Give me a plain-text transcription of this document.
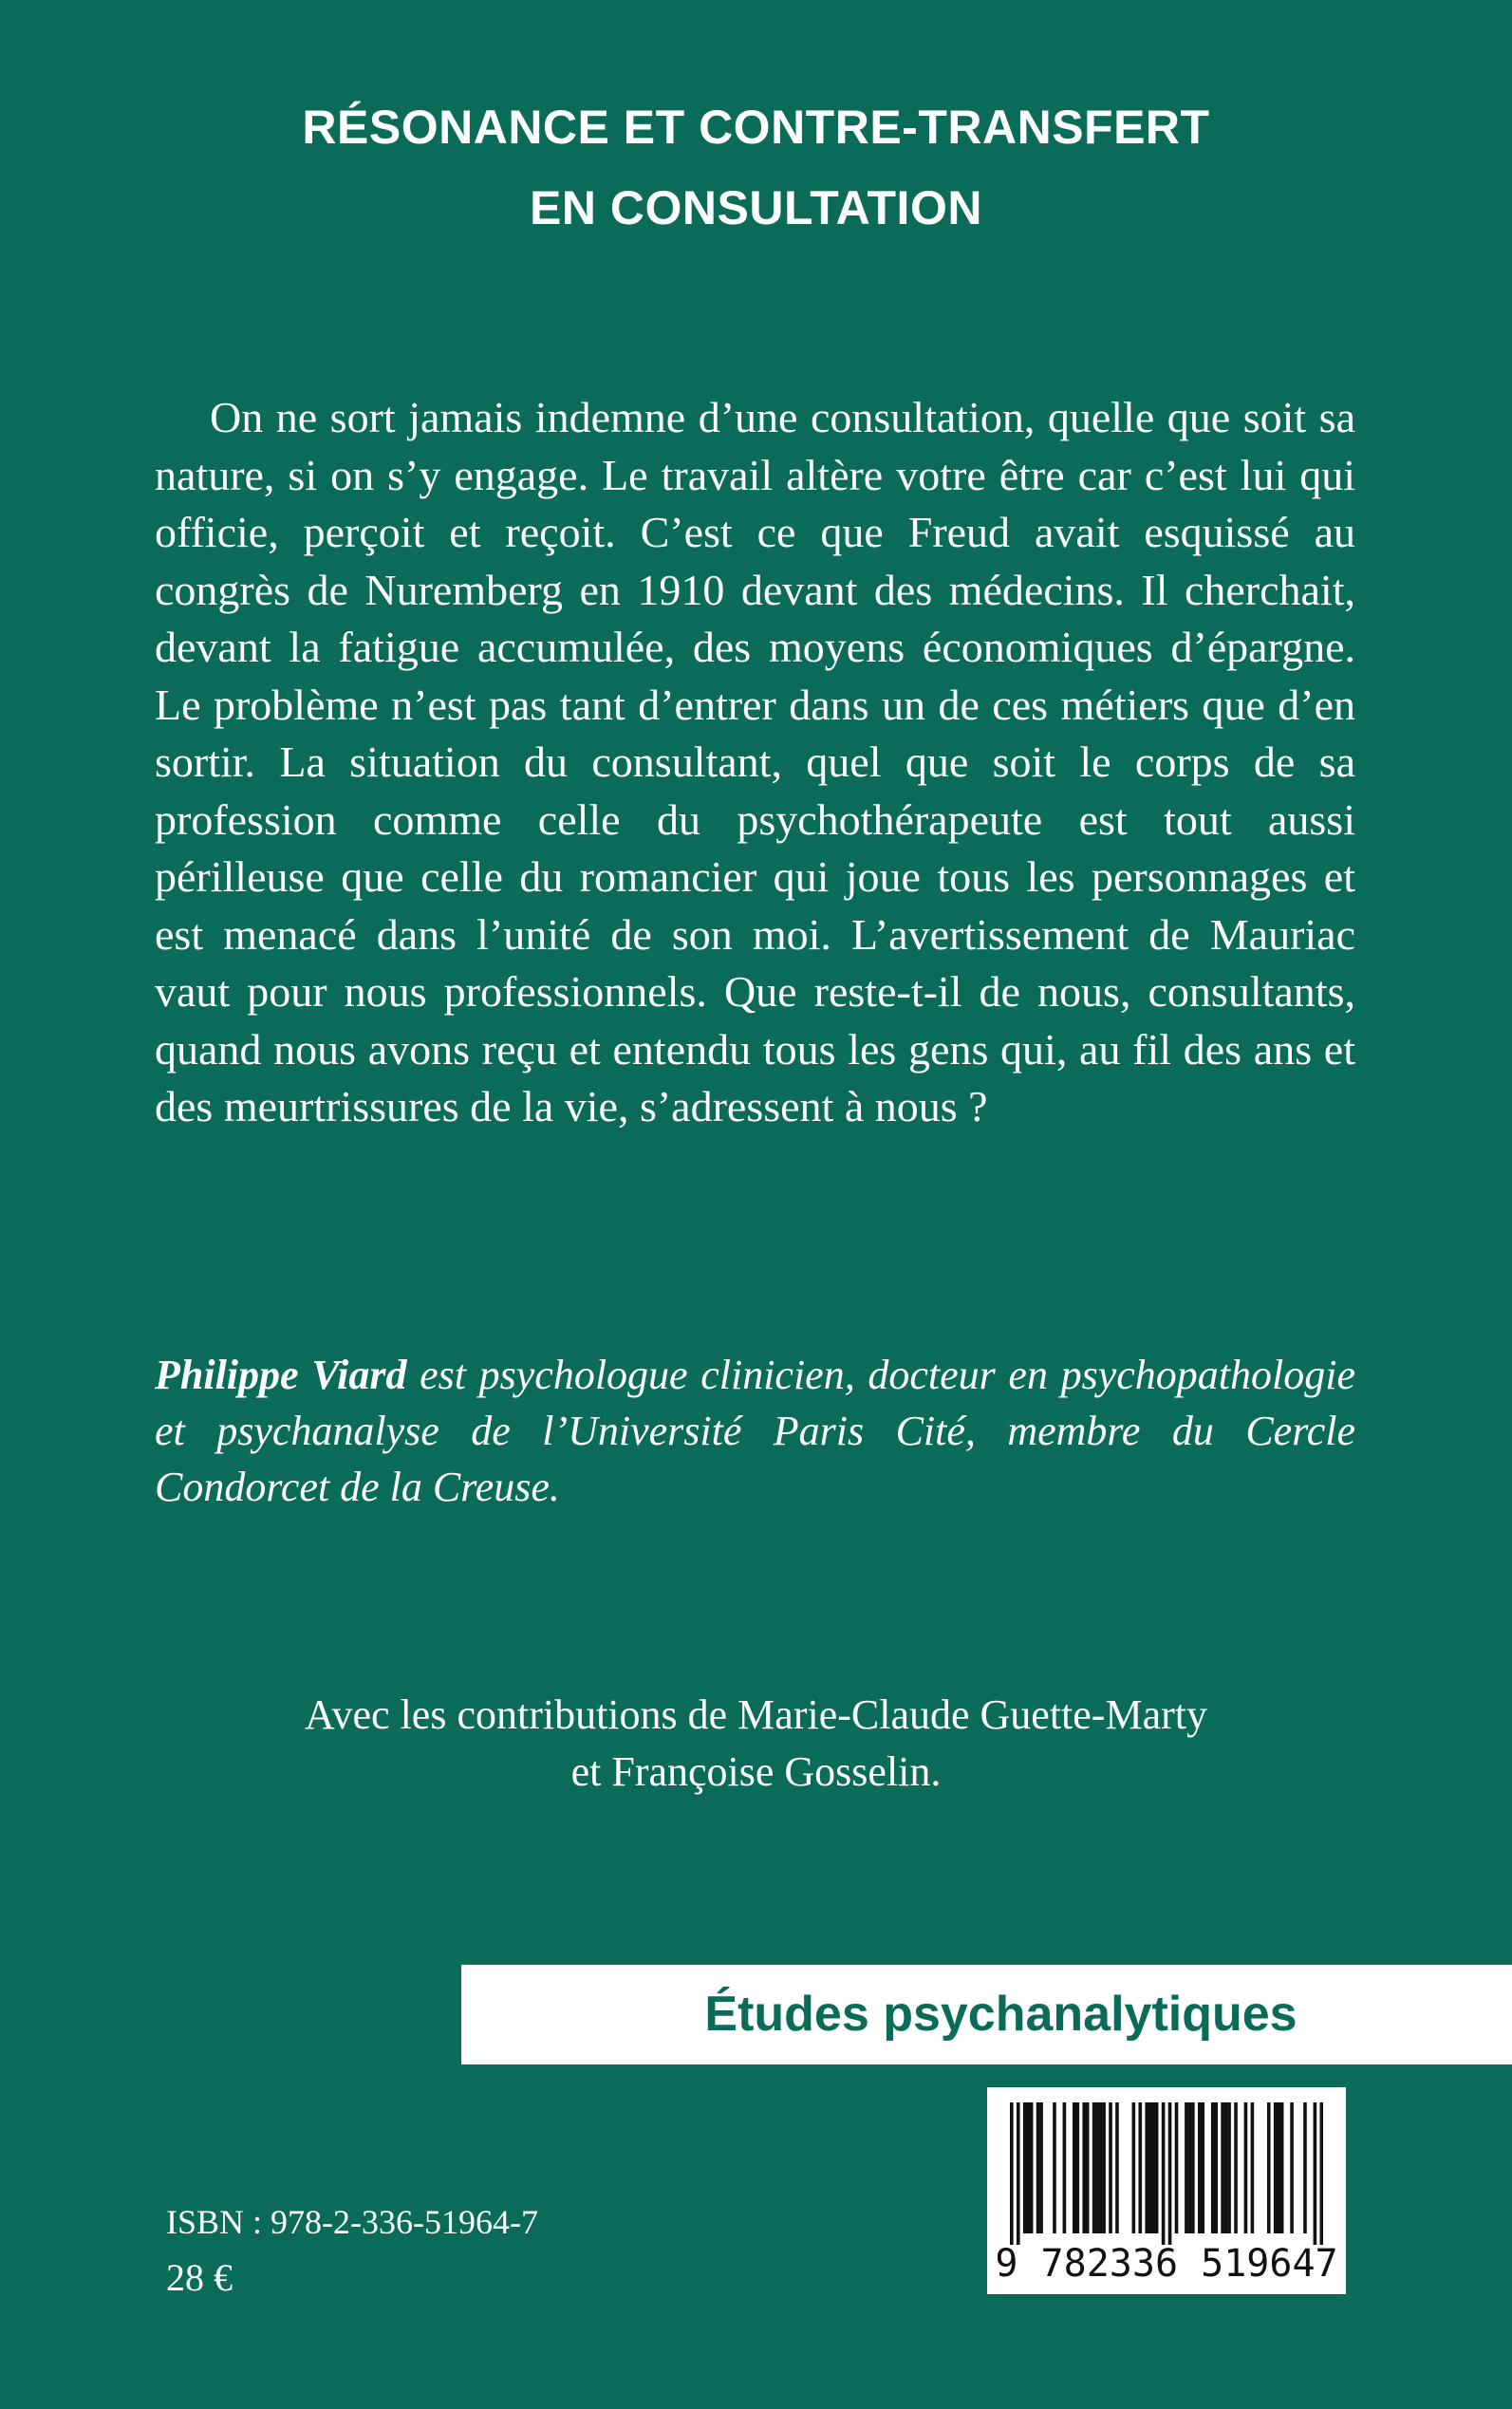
RÉSONANCE ET CONTRE-TRANSFERT
EN CONSULTATION

On ne sort jamais indemne d’une consultation, quelle que soit sa nature, si on s’y engage. Le travail altère votre être car c’est lui qui officie, perçoit et reçoit. C’est ce que Freud avait esquissé au congrès de Nuremberg en 1910 devant des médecins. Il cherchait, devant la fatigue accumulée, des moyens économiques d’épargne. Le problème n’est pas tant d’entrer dans un de ces métiers que d’en sortir. La situation du consultant, quel que soit le corps de sa profession comme celle du psychothérapeute est tout aussi périlleuse que celle du romancier qui joue tous les personnages et est menacé dans l’unité de son moi. L’avertissement de Mauriac vaut pour nous professionnels. Que reste-t-il de nous, consultants, quand nous avons reçu et entendu tous les gens qui, au fil des ans et des meurtrissures de la vie, s’adressent à nous ?

Philippe Viard est psychologue clinicien, docteur en psychopathologie et psychanalyse de l’Université Paris Cité, membre du Cercle Condorcet de la Creuse.

Avec les contributions de Marie-Claude Guette-Marty
et Françoise Gosselin.
Études psychanalytiques
9 782336 519647
ISBN : 978-2-336-51964-7
28 €
